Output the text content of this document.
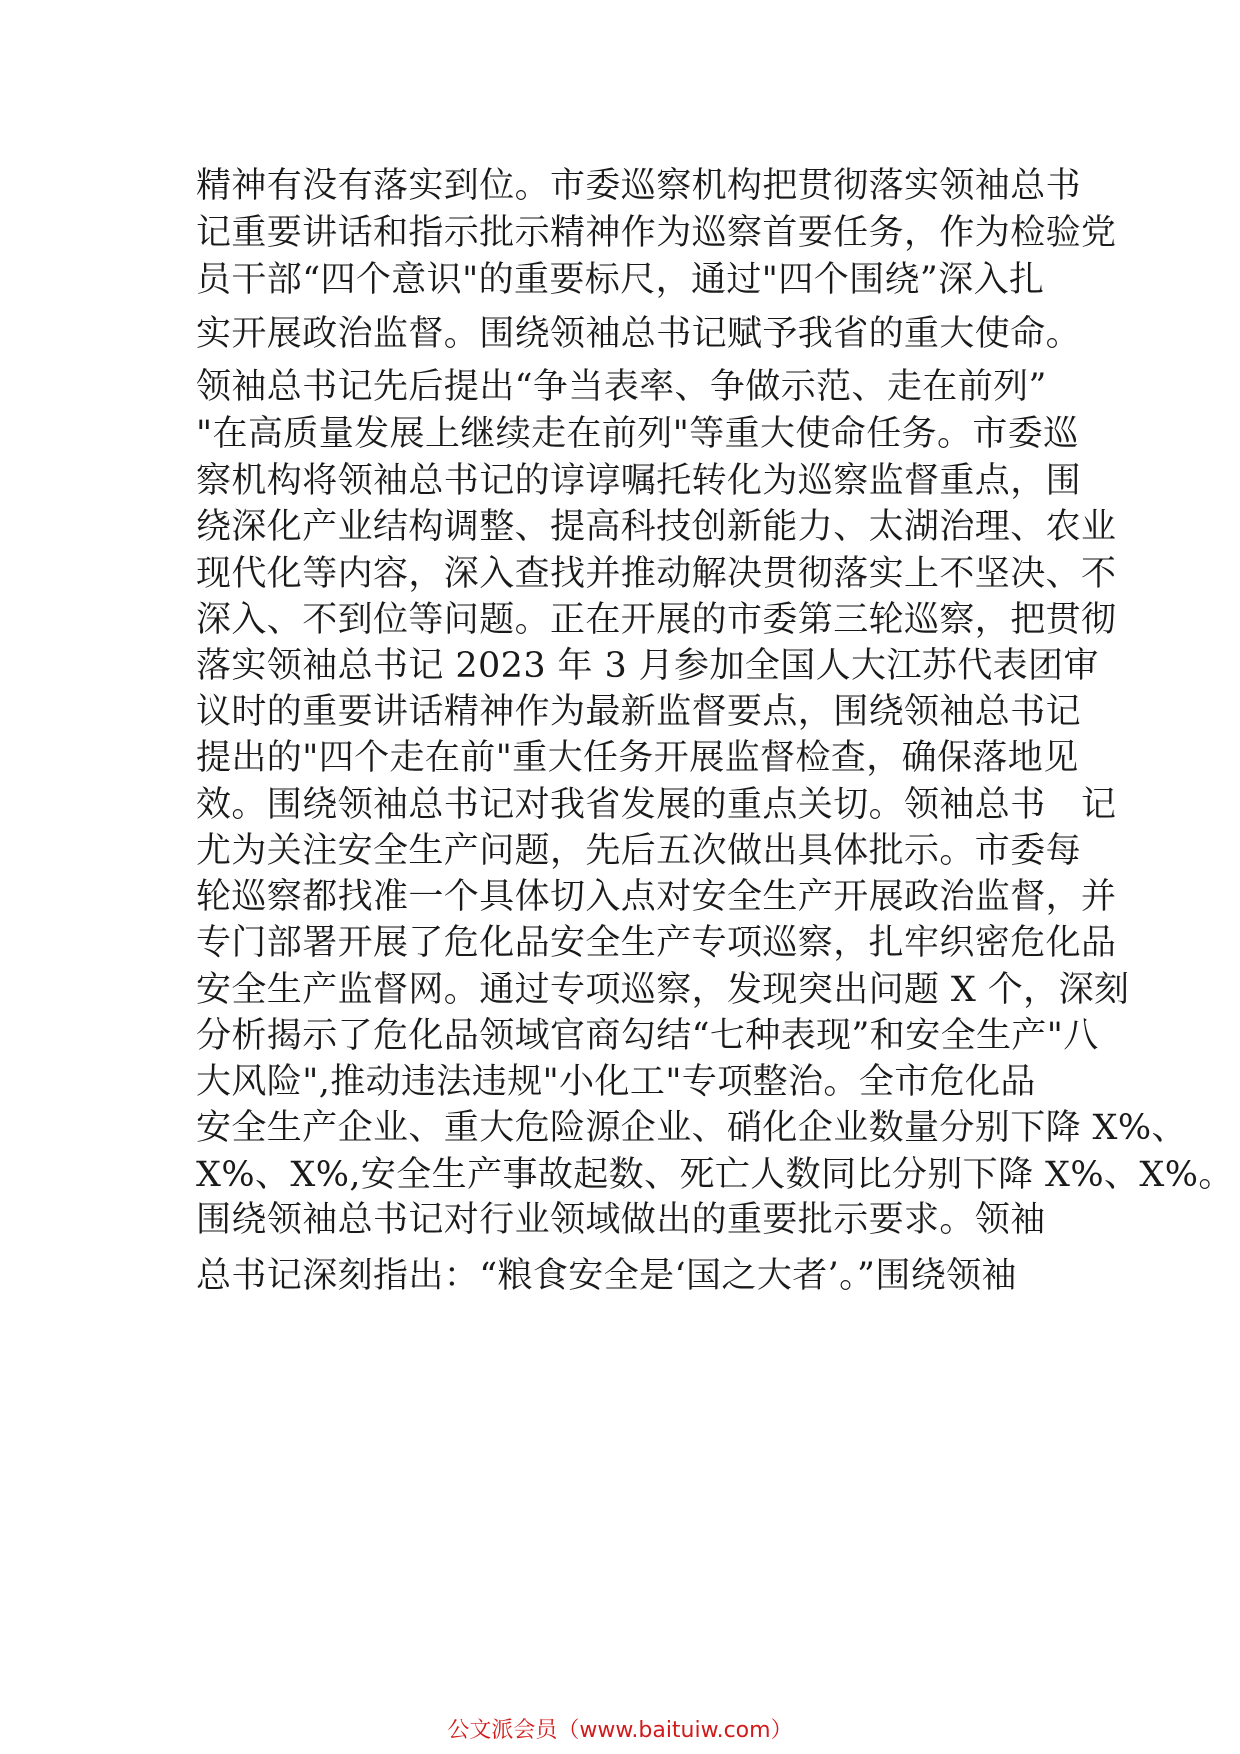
精神有没有落实到位。市委巡察机构把贯彻落实领袖总书
记重要讲话和指示批示精神作为巡察首要任务，作为检验党
员干部“四个意识"的重要标尺，通过"四个围绕”深入扎
实开展政治监督。围绕领袖总书记赋予我省的重大使命。
领袖总书记先后提出“争当表率、争做示范、走在前列”
"在高质量发展上继续走在前列"等重大使命任务。市委巡
察机构将领袖总书记的谆谆嘱托转化为巡察监督重点，围
绕深化产业结构调整、提高科技创新能力、太湖治理、农业
现代化等内容，深入查找并推动解决贯彻落实上不坚决、不
深入、不到位等问题。正在开展的市委第三轮巡察，把贯彻
落实领袖总书记 2023 年 3 月参加全国人大江苏代表团审
议时的重要讲话精神作为最新监督要点，围绕领袖总书记
提出的"四个走在前"重大任务开展监督检查，确保落地见
效。围绕领袖总书记对我省发展的重点关切。领袖总书　记
尤为关注安全生产问题，先后五次做出具体批示。市委每
轮巡察都找准一个具体切入点对安全生产开展政治监督，并
专门部署开展了危化品安全生产专项巡察，扎牢织密危化品
安全生产监督网。通过专项巡察，发现突出问题 X 个，深刻
分析揭示了危化品领域官商勾结“七种表现”和安全生产"八
大风险",推动违法违规"小化工"专项整治。全市危化品
安全生产企业、重大危险源企业、硝化企业数量分别下降 X%、
X%、X%,安全生产事故起数、死亡人数同比分别下降 X%、X%。
围绕领袖总书记对行业领域做出的重要批示要求。领袖
总书记深刻指出：“粮食安全是‘国之大者’。”围绕领袖
公文派会员（www.baituiw.com）
